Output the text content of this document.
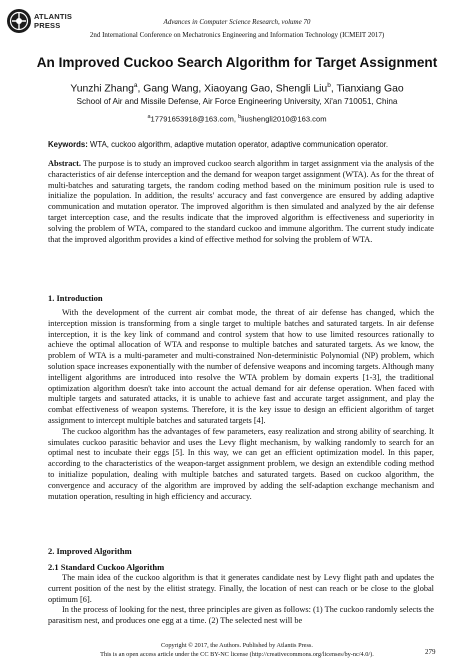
ATLANTIS
PRESS	Advances in Computer Science Research, volume 70
2nd International Conference on Mechatronics Engineering and Information Technology (ICMEIT 2017)
An Improved Cuckoo Search Algorithm for Target Assignment
Yunzhi Zhang$^a$, Gang Wang, Xiaoyang Gao, Shengli Liu$^b$, Tianxiang Gao
School of Air and Missile Defense, Air Force Engineering University, Xi'an 710051, China
$^a$17791653918@163.com, $^b$liushengli2010@163.com
Keywords: WTA, cuckoo algorithm, adaptive mutation operator, adaptive communication operator.

Abstract. The purpose is to study an improved cuckoo search algorithm in target assignment via the analysis of the characteristics of air defense interception and the demand for weapon target assignment (WTA). As for the threat of multi-batches and saturating targets, the random coding method based on the minimum position rule is used to initialize the population. In addition, the results' accuracy and fast convergence are ensured by adding adaptive communication and mutation operator. The improved algorithm is then simulated and analyzed by the air defense target interception case, and the results indicate that the improved algorithm is effectiveness and superiority in solving the problem of WTA, compared to the standard cuckoo and immune algorithm. The current study indicate that the improved algorithm provides a kind of effective method for solving the problem of WTA.

1. Introduction

With the development of the current air combat mode, the threat of air defense has changed, which the interception mission is transforming from a single target to multiple batches and saturated targets. In air defense interception, it is the key link of command and control system that how to use limited resources rationally to achieve the optimal allocation of WTA and response to multiple batches and saturated targets. As we know, the problem of WTA is a multi-parameter and multi-constrained Non-deterministic Polynomial (NP) problem, which solution space increases exponentially with the number of defensive weapons and incoming targets. Although many intelligent algorithms are introduced into resolve the WTA problem by domain experts [1-3], the traditional optimization algorithm doesn't take into account the actual demand for air defense operation. When faced with multiple targets and saturated attacks, it is unable to achieve fast and accurate target assignment, and play the combat effectiveness of weapon systems. Therefore, it is the key issue to design an efficient algorithm of target assignment to intercept multiple batches and saturated targets [4].

The cuckoo algorithm has the advantages of few parameters, easy realization and strong ability of searching. It simulates cuckoo parasitic behavior and uses the Levy flight mechanism, by walking randomly to search for an optimal nest to incubate their eggs [5]. In this way, we can get an efficient optimization model. In this paper, according to the characteristics of the weapon-target assignment problem, we design an extendible coding method to initialize population, dealing with multiple batches and saturated targets. Based on cuckoo algorithm, the convergence and accuracy of the algorithm are improved by adding the self-adaption exchange mechanism and mutation operation, resulting in high efficiency and accuracy.

2. Improved Algorithm
2.1 Standard Cuckoo Algorithm

The main idea of the cuckoo algorithm is that it generates candidate nest by Levy flight path and updates the current position of the nest by the elitist strategy. Finally, the location of nest can reach or be close to the global optimum [6].

In the process of looking for the nest, three principles are given as follows: (1) The cuckoo randomly selects the parasitism nest, and produces one egg at a time. (2) The selected nest will be

Copyright © 2017, the Authors. Published by Atlantis Press.
This is an open access article under the CC BY-NC license (http://creativecommons.org/licenses/by-nc/4.0/).	279
